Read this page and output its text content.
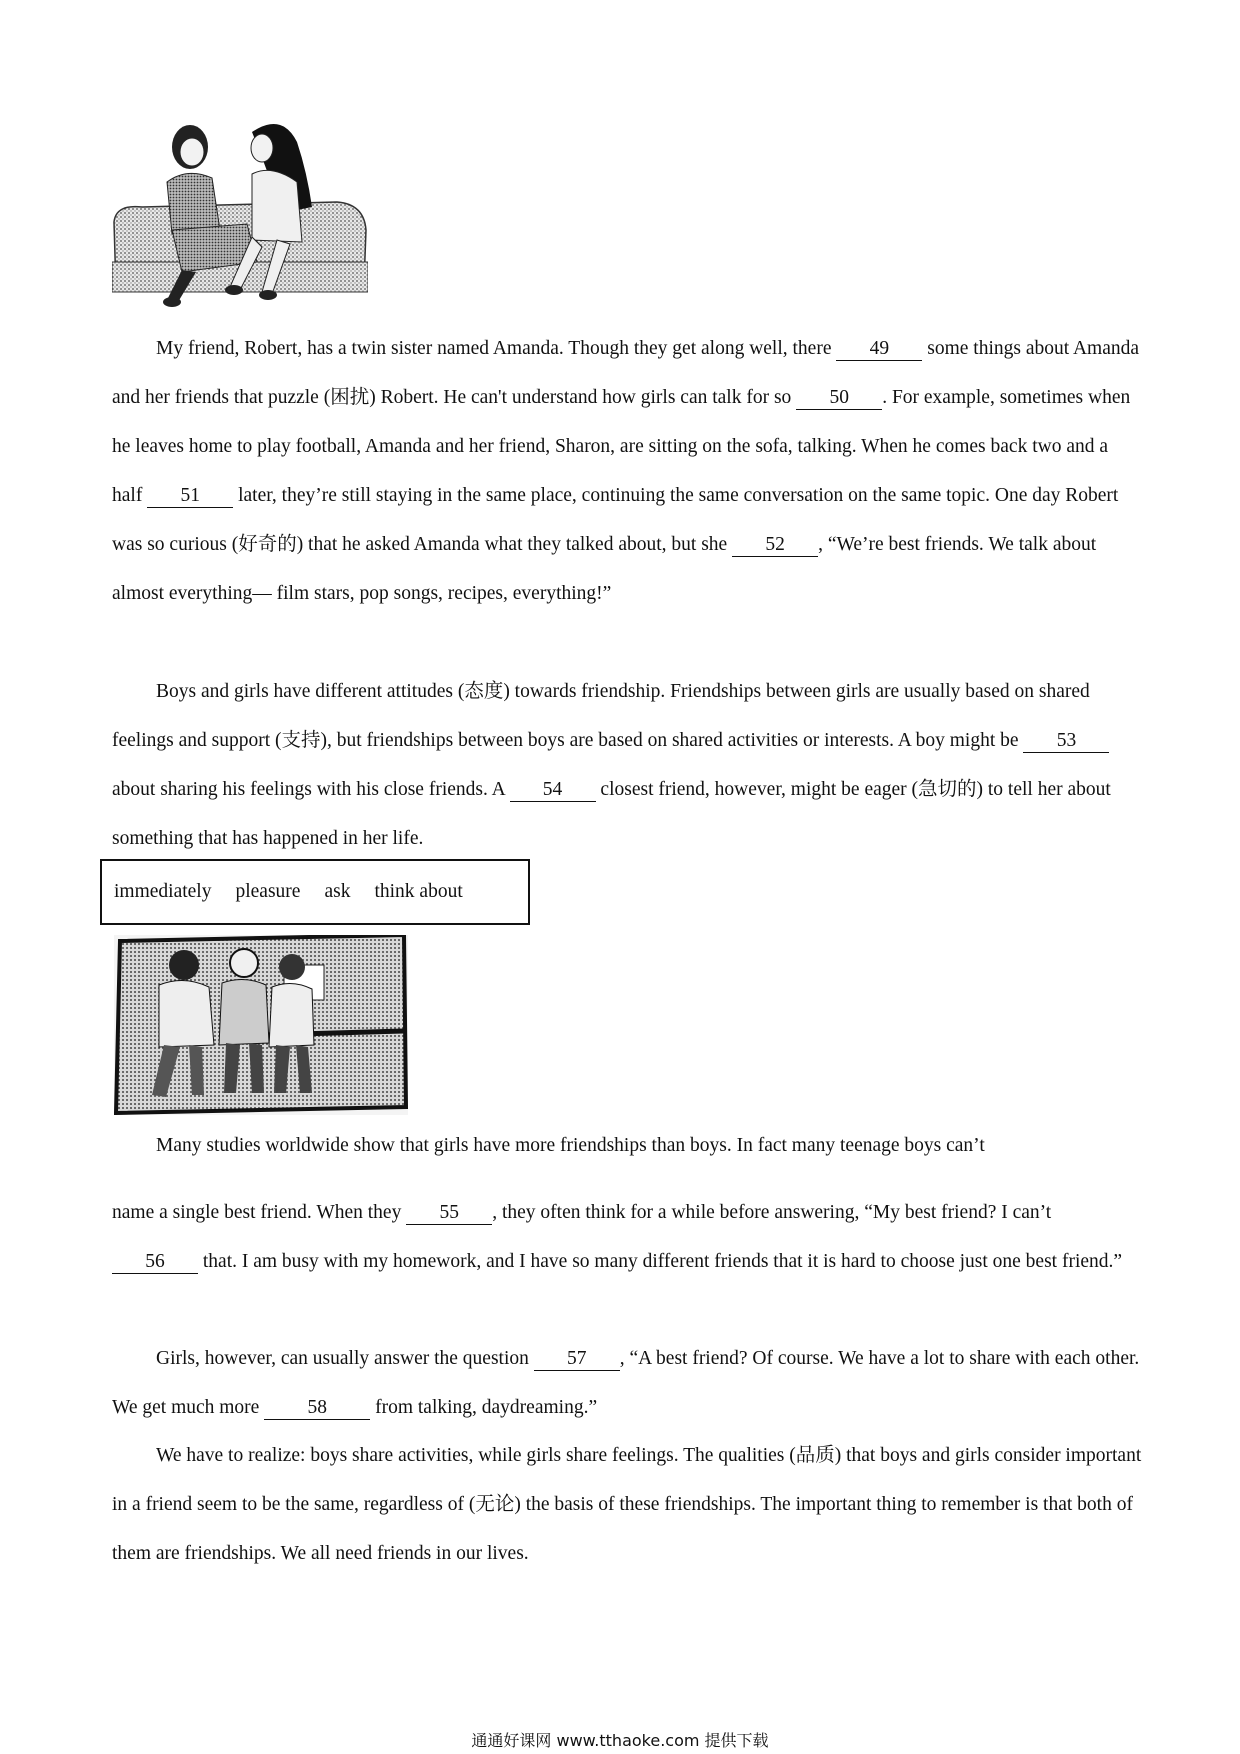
My friend, Robert, has a twin sister named Amanda. Though they get along well, there 49 some things about Amanda and her friends that puzzle (困扰) Robert. He can't understand how girls can talk for so 50 . For example, sometimes when he leaves home to play football, Amanda and her friend, Sharon, are sitting on the sofa, talking. When he comes back two and a half 51 later, they’re still staying in the same place, continuing the same conversation on the same topic. One day Robert was so curious (好奇的) that he asked Amanda what they talked about, but she 52 , “We’re best friends. We talk about almost everything— film stars, pop songs, recipes, everything!”

Boys and girls have different attitudes (态度) towards friendship. Friendships between girls are usually based on shared feelings and support (支持), but friendships between boys are based on shared activities or interests. A boy might be 53 about sharing his feelings with his close friends. A 54 closest friend, however, might be eager (急切的) to tell her about something that has happened in her life.

immediately pleasure ask think about

Many studies worldwide show that girls have more friendships than boys. In fact many teenage boys can’t

name a single best friend. When they 55 , they often think for a while before answering, “My best friend? I can’t 56 that. I am busy with my homework, and I have so many different friends that it is hard to choose just one best friend.”

Girls, however, can usually answer the question 57 , “A best friend? Of course. We have a lot to share with each other. We get much more 58 from talking, daydreaming.”

We have to realize: boys share activities, while girls share feelings. The qualities (品质) that boys and girls consider important in a friend seem to be the same, regardless of (无论) the basis of these friendships. The important thing to remember is that both of them are friendships. We all need friends in our lives.

通通好课网 www.tthaoke.com 提供下载
